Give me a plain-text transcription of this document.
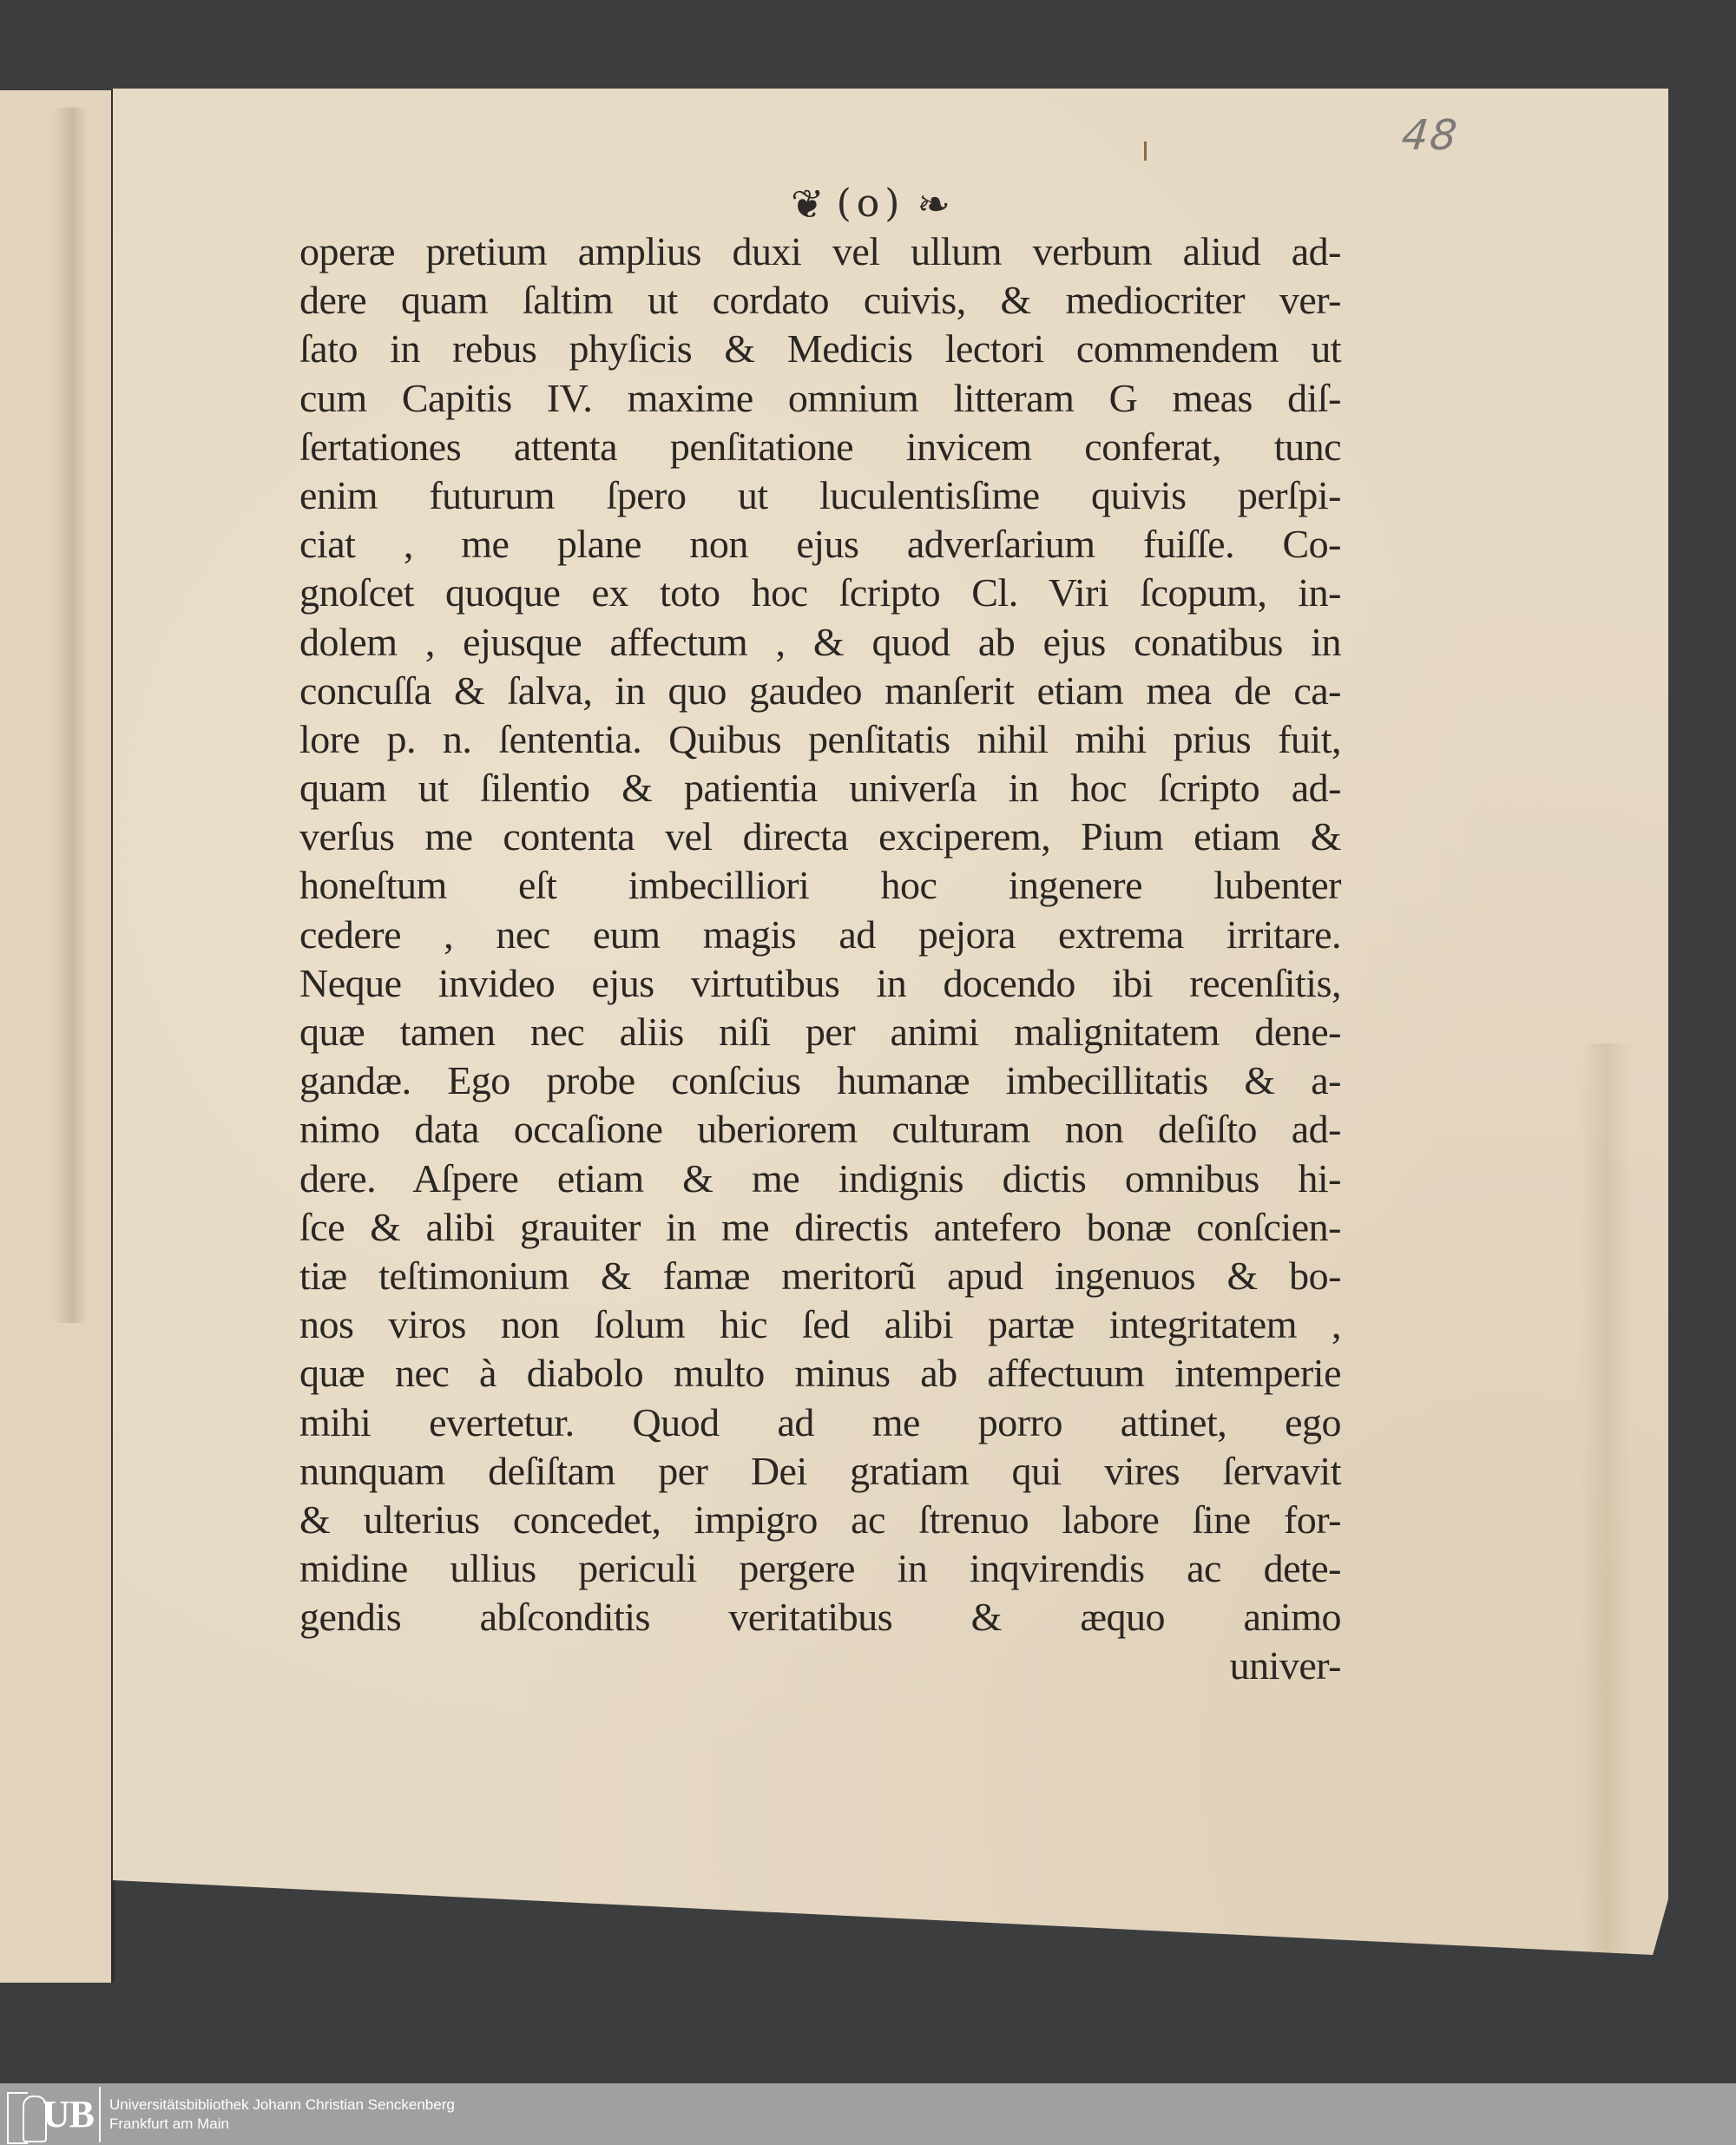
48
❦ (o) ❧
operæ pretium amplius duxi vel ullum verbum aliud ad-
dere quam ſaltim ut cordato cuivis, & mediocriter ver-
ſato in rebus phyſicis & Medicis lectori commendem ut
cum Capitis IV. maxime omnium litteram G meas diſ-
ſertationes attenta penſitatione invicem conferat, tunc
enim futurum ſpero ut luculentisſime quivis perſpi-
ciat , me plane non ejus adverſarium fuiſſe. Co-
gnoſcet quoque ex toto hoc ſcripto Cl. Viri ſcopum, in-
dolem , ejusque affectum , & quod ab ejus conatibus in
concuſſa & ſalva, in quo gaudeo manſerit etiam mea de ca-
lore p. n. ſententia. Quibus penſitatis nihil mihi prius fuit,
quam ut ſilentio & patientia univerſa in hoc ſcripto ad-
verſus me contenta vel directa exciperem, Pium etiam &
honeſtum eſt imbecilliori hoc ingenere lubenter
cedere , nec eum magis ad pejora extrema irritare.
Neque invideo ejus virtutibus in docendo ibi recenſitis,
quæ tamen nec aliis niſi per animi malignitatem dene-
gandæ. Ego probe conſcius humanæ imbecillitatis & a-
nimo data occaſione uberiorem culturam non deſiſto ad-
dere. Aſpere etiam & me indignis dictis omnibus hi-
ſce & alibi grauiter in me directis antefero bonæ conſcien-
tiæ teſtimonium & famæ meritorũ apud ingenuos & bo-
nos viros non ſolum hic ſed alibi partæ integritatem ,
quæ nec à diabolo multo minus ab affectuum intemperie
mihi evertetur. Quod ad me porro attinet, ego
nunquam deſiſtam per Dei gratiam qui vires ſervavit
& ulterius concedet, impigro ac ſtrenuo labore ſine for-
midine ullius periculi pergere in inqvirendis ac dete-
gendis abſconditis veritatibus & æquo animo
univer-
UB Universitätsbibliothek Johann Christian Senckenberg
Frankfurt am Main
